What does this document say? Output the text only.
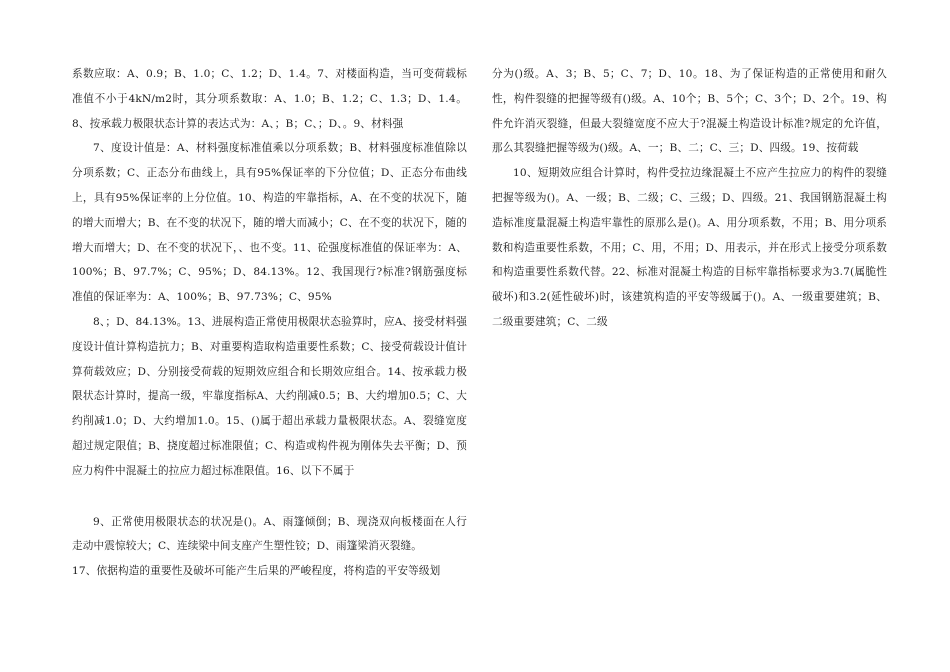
系数应取：A、0.9；B、1.0；C、1.2；D、1.4。7、对楼面构造，当可变荷载标准值不小于4kN/m2时，其分项系数取：A、1.0；B、1.2；C、1.3；D、1.4。8、按承载力极限状态计算的表达式为：A、；B；C、；D、。9、材料强

7、度设计值是：A、材料强度标准值乘以分项系数；B、材料强度标准值除以分项系数；C、正态分布曲线上，具有95%保证率的下分位值；D、正态分布曲线上，具有95%保证率的上分位值。10、构造的牢靠指标，A、在不变的状况下，随的增大而增大；B、在不变的状况下，随的增大而减小；C、在不变的状况下，随的增大而增大；D、在不变的状况下，、也不变。11、砼强度标准值的保证率为：A、100%；B、97.7%；C、95%；D、84.13%。12、我国现行?标准?钢筋强度标准值的保证率为：A、100%；B、97.73%；C、95%

8、；D、84.13%。13、进展构造正常使用极限状态验算时，应A、接受材料强度设计值计算构造抗力；B、对重要构造取构造重要性系数；C、接受荷载设计值计算荷载效应；D、分别接受荷载的短期效应组合和长期效应组合。14、按承载力极限状态计算时，提高一级，牢靠度指标A、大约削减0.5；B、大约增加0.5；C、大约削减1.0；D、大约增加1.0。15、()属于超出承载力量极限状态。A、裂缝宽度超过规定限值；B、挠度超过标准限值；C、构造或构件视为刚体失去平衡；D、预应力构件中混凝土的拉应力超过标准限值。16、以下不属于

9、正常使用极限状态的状况是()。A、雨篷倾倒；B、现浇双向板楼面在人行走动中震惊较大；C、连续梁中间支座产生塑性铰；D、雨篷梁消灭裂缝。

17、依据构造的重要性及破坏可能产生后果的严峻程度，将构造的平安等级划

分为()级。A、3；B、5；C、7；D、10。18、为了保证构造的正常使用和耐久性，构件裂缝的把握等级有()级。A、10个；B、5个；C、3个；D、2个。19、构件允许消灭裂缝，但最大裂缝宽度不应大于?混凝土构造设计标准?规定的允许值，那么其裂缝把握等级为()级。A、一；B、二；C、三；D、四级。19、按荷载

10、短期效应组合计算时，构件受拉边缘混凝土不应产生拉应力的构件的裂缝把握等级为()。A、一级；B、二级；C、三级；D、四级。21、我国钢筋混凝土构造标准度量混凝土构造牢靠性的原那么是()。A、用分项系数，不用；B、用分项系数和构造重要性系数，不用；C、用，不用；D、用表示，并在形式上接受分项系数和构造重要性系数代替。22、标准对混凝土构造的目标牢靠指标要求为3.7(属脆性破坏)和3.2(延性破坏)时，该建筑构造的平安等级属于()。A、一级重要建筑；B、二级重要建筑；C、二级
